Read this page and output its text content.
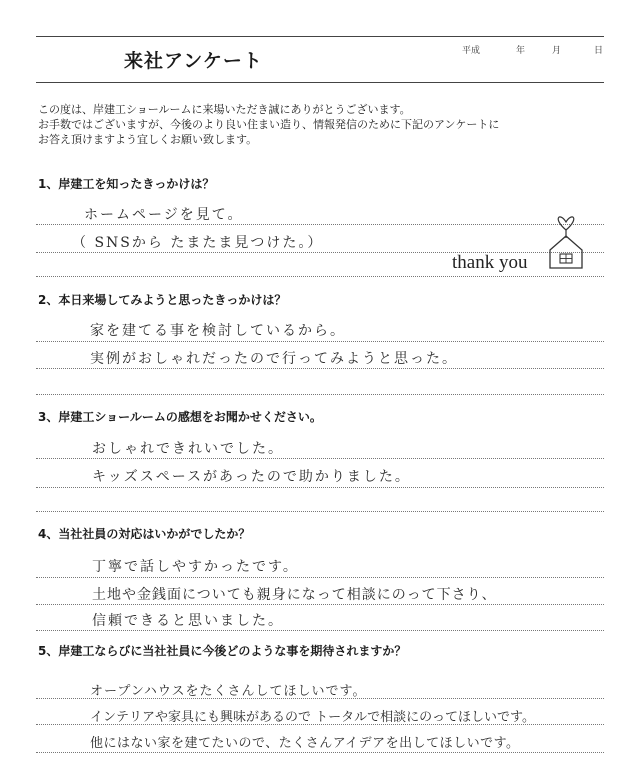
来社アンケート	平成	年	月	日
この度は、岸建工ショールームに来場いただき誠にありがとうございます。
お手数ではございますが、今後のより良い住まい造り、情報発信のために下記のアンケートに
お答え頂けますよう宜しくお願い致します。
1、岸建工を知ったきっかけは？
ホームページを見て。
（ SNSから たまたま見つけた。）
thank you
2、本日来場してみようと思ったきっかけは？
家を建てる事を検討しているから。
実例がおしゃれだったので行ってみようと思った。
3、岸建工ショールームの感想をお聞かせください。
おしゃれできれいでした。
キッズスペースがあったので助かりました。
4、当社社員の対応はいかがでしたか？
丁寧で話しやすかったです。
土地や金銭面についても親身になって相談にのって下さり、
信頼できると思いました。
5、岸建工ならびに当社社員に今後どのような事を期待されますか？
オープンハウスをたくさんしてほしいです。
インテリアや家具にも興味があるので トータルで相談にのってほしいです。
他にはない家を建てたいので、たくさんアイデアを出してほしいです。
